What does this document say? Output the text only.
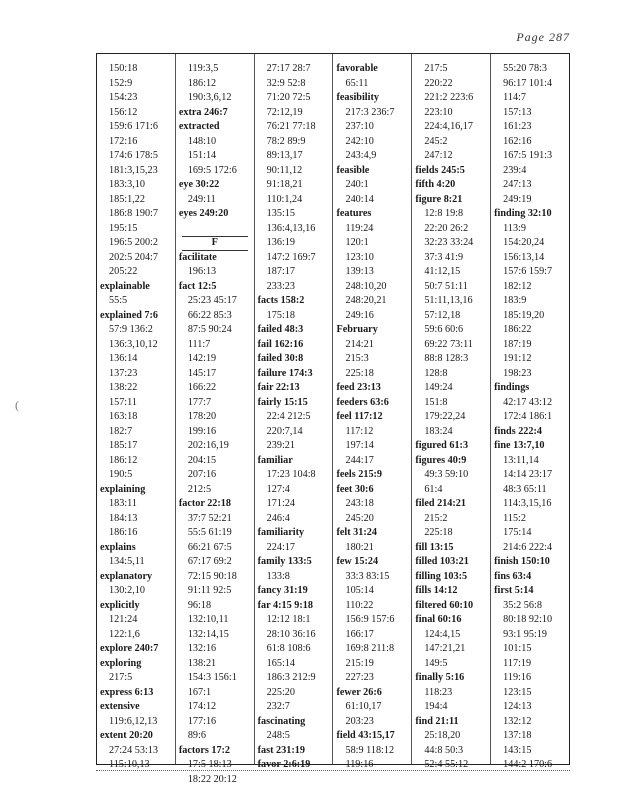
Page 287
(
150:18
152:9
154:23
156:12
159:6 171:6
172:16
174:6 178:5
181:3,15,23
183:3,10
185:1,22
186:8 190:7
195:15
196:5 200:2
202:5 204:7
205:22
explainable
55:5
explained 7:6
57:9 136:2
136:3,10,12
136:14
137:23
138:22
157:11
163:18
182:7
185:17
186:12
190:5
explaining
183:11
184:13
186:16
explains
134:5,11
explanatory
130:2,10
explicitly
121:24
122:1,6
explore 240:7
exploring
217:5
express 6:13
extensive
119:6,12,13
extent 20:20
27:24 53:13
115:10,13
119:3,5
186:12
190:3,6,12
extra 246:7
extracted
148:10
151:14
169:5 172:6
eye 30:22
249:11
eyes 249:20
F
facilitate
196:13
fact 12:5
25:23 45:17
66:22 85:3
87:5 90:24
111:7
142:19
145:17
166:22
177:7
178:20
199:16
202:16,19
204:15
207:16
212:5
factor 22:18
37:7 52:21
55:5 61:19
66:21 67:5
67:17 69:2
72:15 90:18
91:11 92:5
96:18
132:10,11
132:14,15
132:16
138:21
154:3 156:1
167:1
174:12
177:16
89:6
factors 17:2
17:5 18:13
18:22 20:12
27:17 28:7
32:9 52:8
71:20 72:5
72:12,19
76:21 77:18
78:2 89:9
89:13,17
90:11,12
91:18,21
110:1,24
135:15
136:4,13,16
136:19
147:2 169:7
187:17
233:23
facts 158:2
175:18
failed 48:3
fail 162:16
failed 30:8
failure 174:3
fair 22:13
fairly 15:15
22:4 212:5
220:7,14
239:21
familiar
17:23 104:8
127:4
171:24
246:4
familiarity
224:17
family 133:5
133:8
fancy 31:19
far 4:15 9:18
12:12 18:1
28:10 36:16
61:8 108:6
165:14
186:3 212:9
225:20
232:7
fascinating
248:5
fast 231:19
favor 2:6:19
favorable
65:11
feasibility
217:3 236:7
237:10
242:10
243:4,9
feasible
240:1
240:14
features
119:24
120:1
123:10
139:13
248:10,20
248:20,21
249:16
February
214:21
215:3
225:18
feed 23:13
feeders 63:6
feel 117:12
117:12
197:14
244:17
feels 215:9
feet 30:6
243:18
245:20
felt 31:24
180:21
few 15:24
33:3 83:15
105:14
110:22
156:9 157:6
166:17
169:8 211:8
215:19
227:23
fewer 26:6
61:10,17
203:23
field 43:15,17
58:9 118:12
119:16
217:5
220:22
221:2 223:6
223:10
224:4,16,17
245:2
247:12
fields 245:5
fifth 4:20
figure 8:21
12:8 19:8
22:20 26:2
32:23 33:24
37:3 41:9
41:12,15
50:7 51:11
51:11,13,16
57:12,18
59:6 60:6
69:22 73:11
88:8 128:3
128:8
149:24
151:8
179:22,24
183:24
figured 61:3
figures 40:9
49:3 59:10
61:4
filed 214:21
215:2
225:18
fill 13:15
filled 103:21
filling 103:5
fills 14:12
filtered 60:10
final 60:16
124:4,15
147:21,21
149:5
finally 5:16
118:23
194:4
find 21:11
25:18,20
44:8 50:3
52:4 55:12
55:20 78:3
96:17 101:4
114:7
157:13
161:23
162:16
167:5 191:3
239:4
247:13
249:19
finding 32:10
113:9
154:20,24
156:13,14
157:6 159:7
182:12
183:9
185:19,20
186:22
187:19
191:12
198:23
findings
42:17 43:12
172:4 186:1
finds 222:4
fine 13:7,10
13:11,14
14:14 23:17
48:3 65:11
114:3,15,16
115:2
175:14
214:6 222:4
finish 150:10
fins 63:4
first 5:14
35:2 56:8
80:18 92:10
93:1 95:19
101:15
117:19
119:16
123:15
124:13
132:12
137:18
143:15
144:2 170:6
